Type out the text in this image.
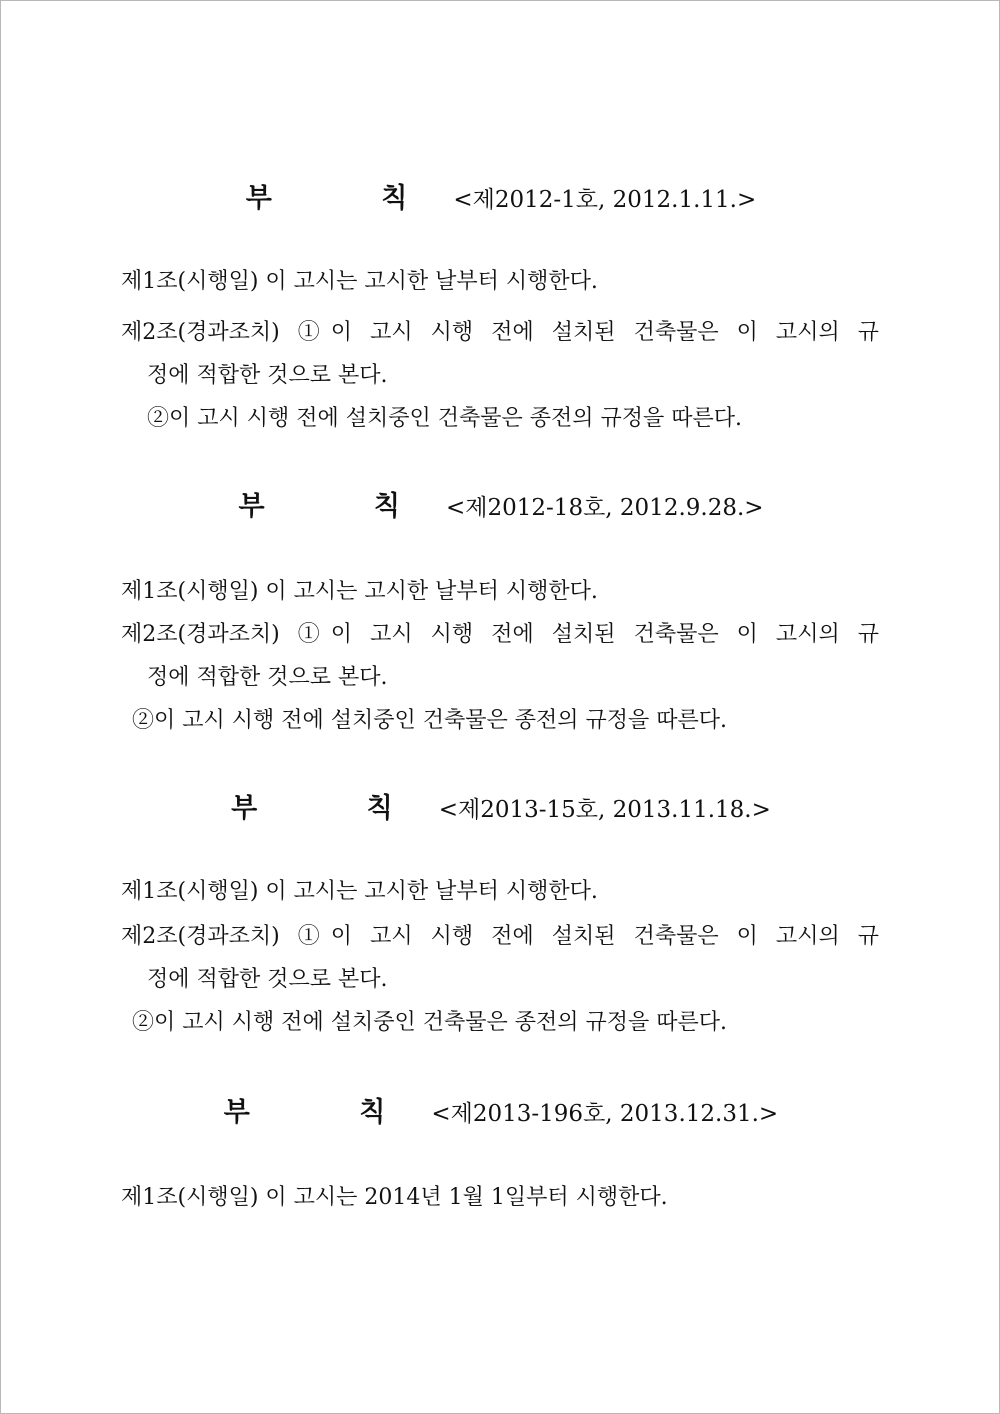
부 칙
<제2012-1호, 2012.1.11.>
제1조(시행일) 이 고시는 고시한 날부터 시행한다.
제2조(경과조치) ①이 고시 시행 전에 설치된 건축물은 이 고시의 규
정에 적합한 것으로 본다.
②이 고시 시행 전에 설치중인 건축물은 종전의 규정을 따른다.
부 칙
<제2012-18호, 2012.9.28.>
제1조(시행일) 이 고시는 고시한 날부터 시행한다.
제2조(경과조치) ①이 고시 시행 전에 설치된 건축물은 이 고시의 규
정에 적합한 것으로 본다.
②이 고시 시행 전에 설치중인 건축물은 종전의 규정을 따른다.
부 칙
<제2013-15호, 2013.11.18.>
제1조(시행일) 이 고시는 고시한 날부터 시행한다.
제2조(경과조치) ①이 고시 시행 전에 설치된 건축물은 이 고시의 규
정에 적합한 것으로 본다.
②이 고시 시행 전에 설치중인 건축물은 종전의 규정을 따른다.
부 칙
<제2013-196호, 2013.12.31.>
제1조(시행일) 이 고시는 2014년 1월 1일부터 시행한다.
